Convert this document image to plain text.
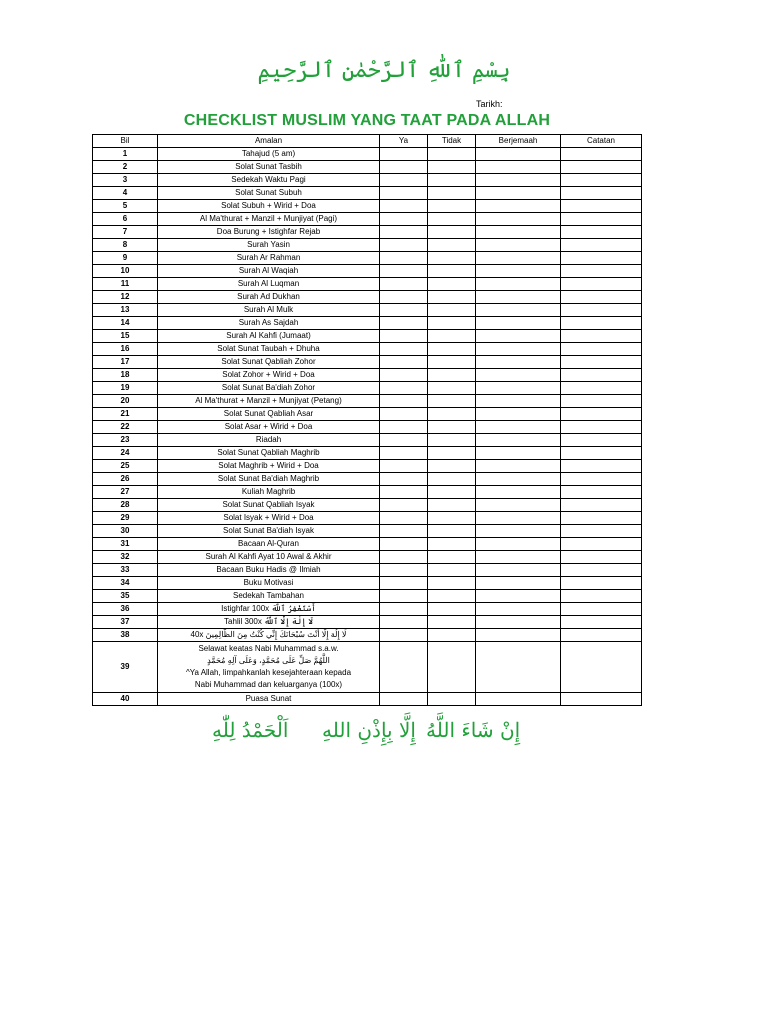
بِسْمِ ٱللّٰهِ ٱلرَّحْمٰنِ ٱلرَّحِيمِ
Tarikh:
CHECKLIST MUSLIM YANG TAAT PADA ALLAH
Bil	Amalan	Ya	Tidak	Berjemaah	Catatan
1	Tahajud (5 am)				
2	Solat Sunat Tasbih				
3	Sedekah Waktu Pagi				
4	Solat Sunat Subuh				
5	Solat Subuh + Wirid + Doa				
6	Al Ma'thurat + Manzil + Munjiyat (Pagi)				
7	Doa Burung + Istighfar Rejab				
8	Surah Yasin				
9	Surah Ar Rahman				
10	Surah Al Waqiah				
11	Surah Al Luqman				
12	Surah Ad Dukhan				
13	Surah Al Mulk				
14	Surah As Sajdah				
15	Surah Al Kahfi (Jumaat)				
16	Solat Sunat Taubah + Dhuha				
17	Solat Sunat Qabliah Zohor				
18	Solat Zohor + Wirid + Doa				
19	Solat Sunat Ba'diah Zohor				
20	Al Ma'thurat + Manzil + Munjiyat (Petang)				
21	Solat Sunat Qabliah Asar				
22	Solat Asar + Wirid + Doa				
23	Riadah				
24	Solat Sunat Qabliah Maghrib				
25	Solat Maghrib + Wirid + Doa				
26	Solat Sunat Ba'diah Maghrib				
27	Kuliah Maghrib				
28	Solat Sunat Qabliah Isyak				
29	Solat Isyak + Wirid + Doa				
30	Solat Sunat Ba'diah Isyak				
31	Bacaan Al-Quran				
32	Surah Al Kahfi Ayat 10 Awal & Akhir				
33	Bacaan Buku Hadis @ Ilmiah				
34	Buku Motivasi				
35	Sedekah Tambahan				
36	Istighfar 100x أَسْتَغْفِرُ ٱللَّٰهَ				
37	Tahlil 300x لَا إِلٰهَ إِلَّا ٱللَّٰهُ				
38	40x لَا إِلَٰهَ إِلَّا أَنْتَ سُبْحَانَكَ إِنِّي كُنْتُ مِنَ الظَّالِمِينَ				
39	Selawat keatas Nabi Muhammad s.a.w.
اللَّهُمَّ صَلِّ عَلَى مُحَمَّدٍ، وَعَلَى آلِهِ مُحَمَّدٍ
^Ya Allah, limpahkanlah kesejahteraan kepada
Nabi Muhammad dan keluarganya (100x)				

40	Puasa Sunat				
إِنْ شَاءَ اللَّهُ
إِلَّا بِإِذْنِ اللهِ
اَلْحَمْدُ لِلّٰهِ
